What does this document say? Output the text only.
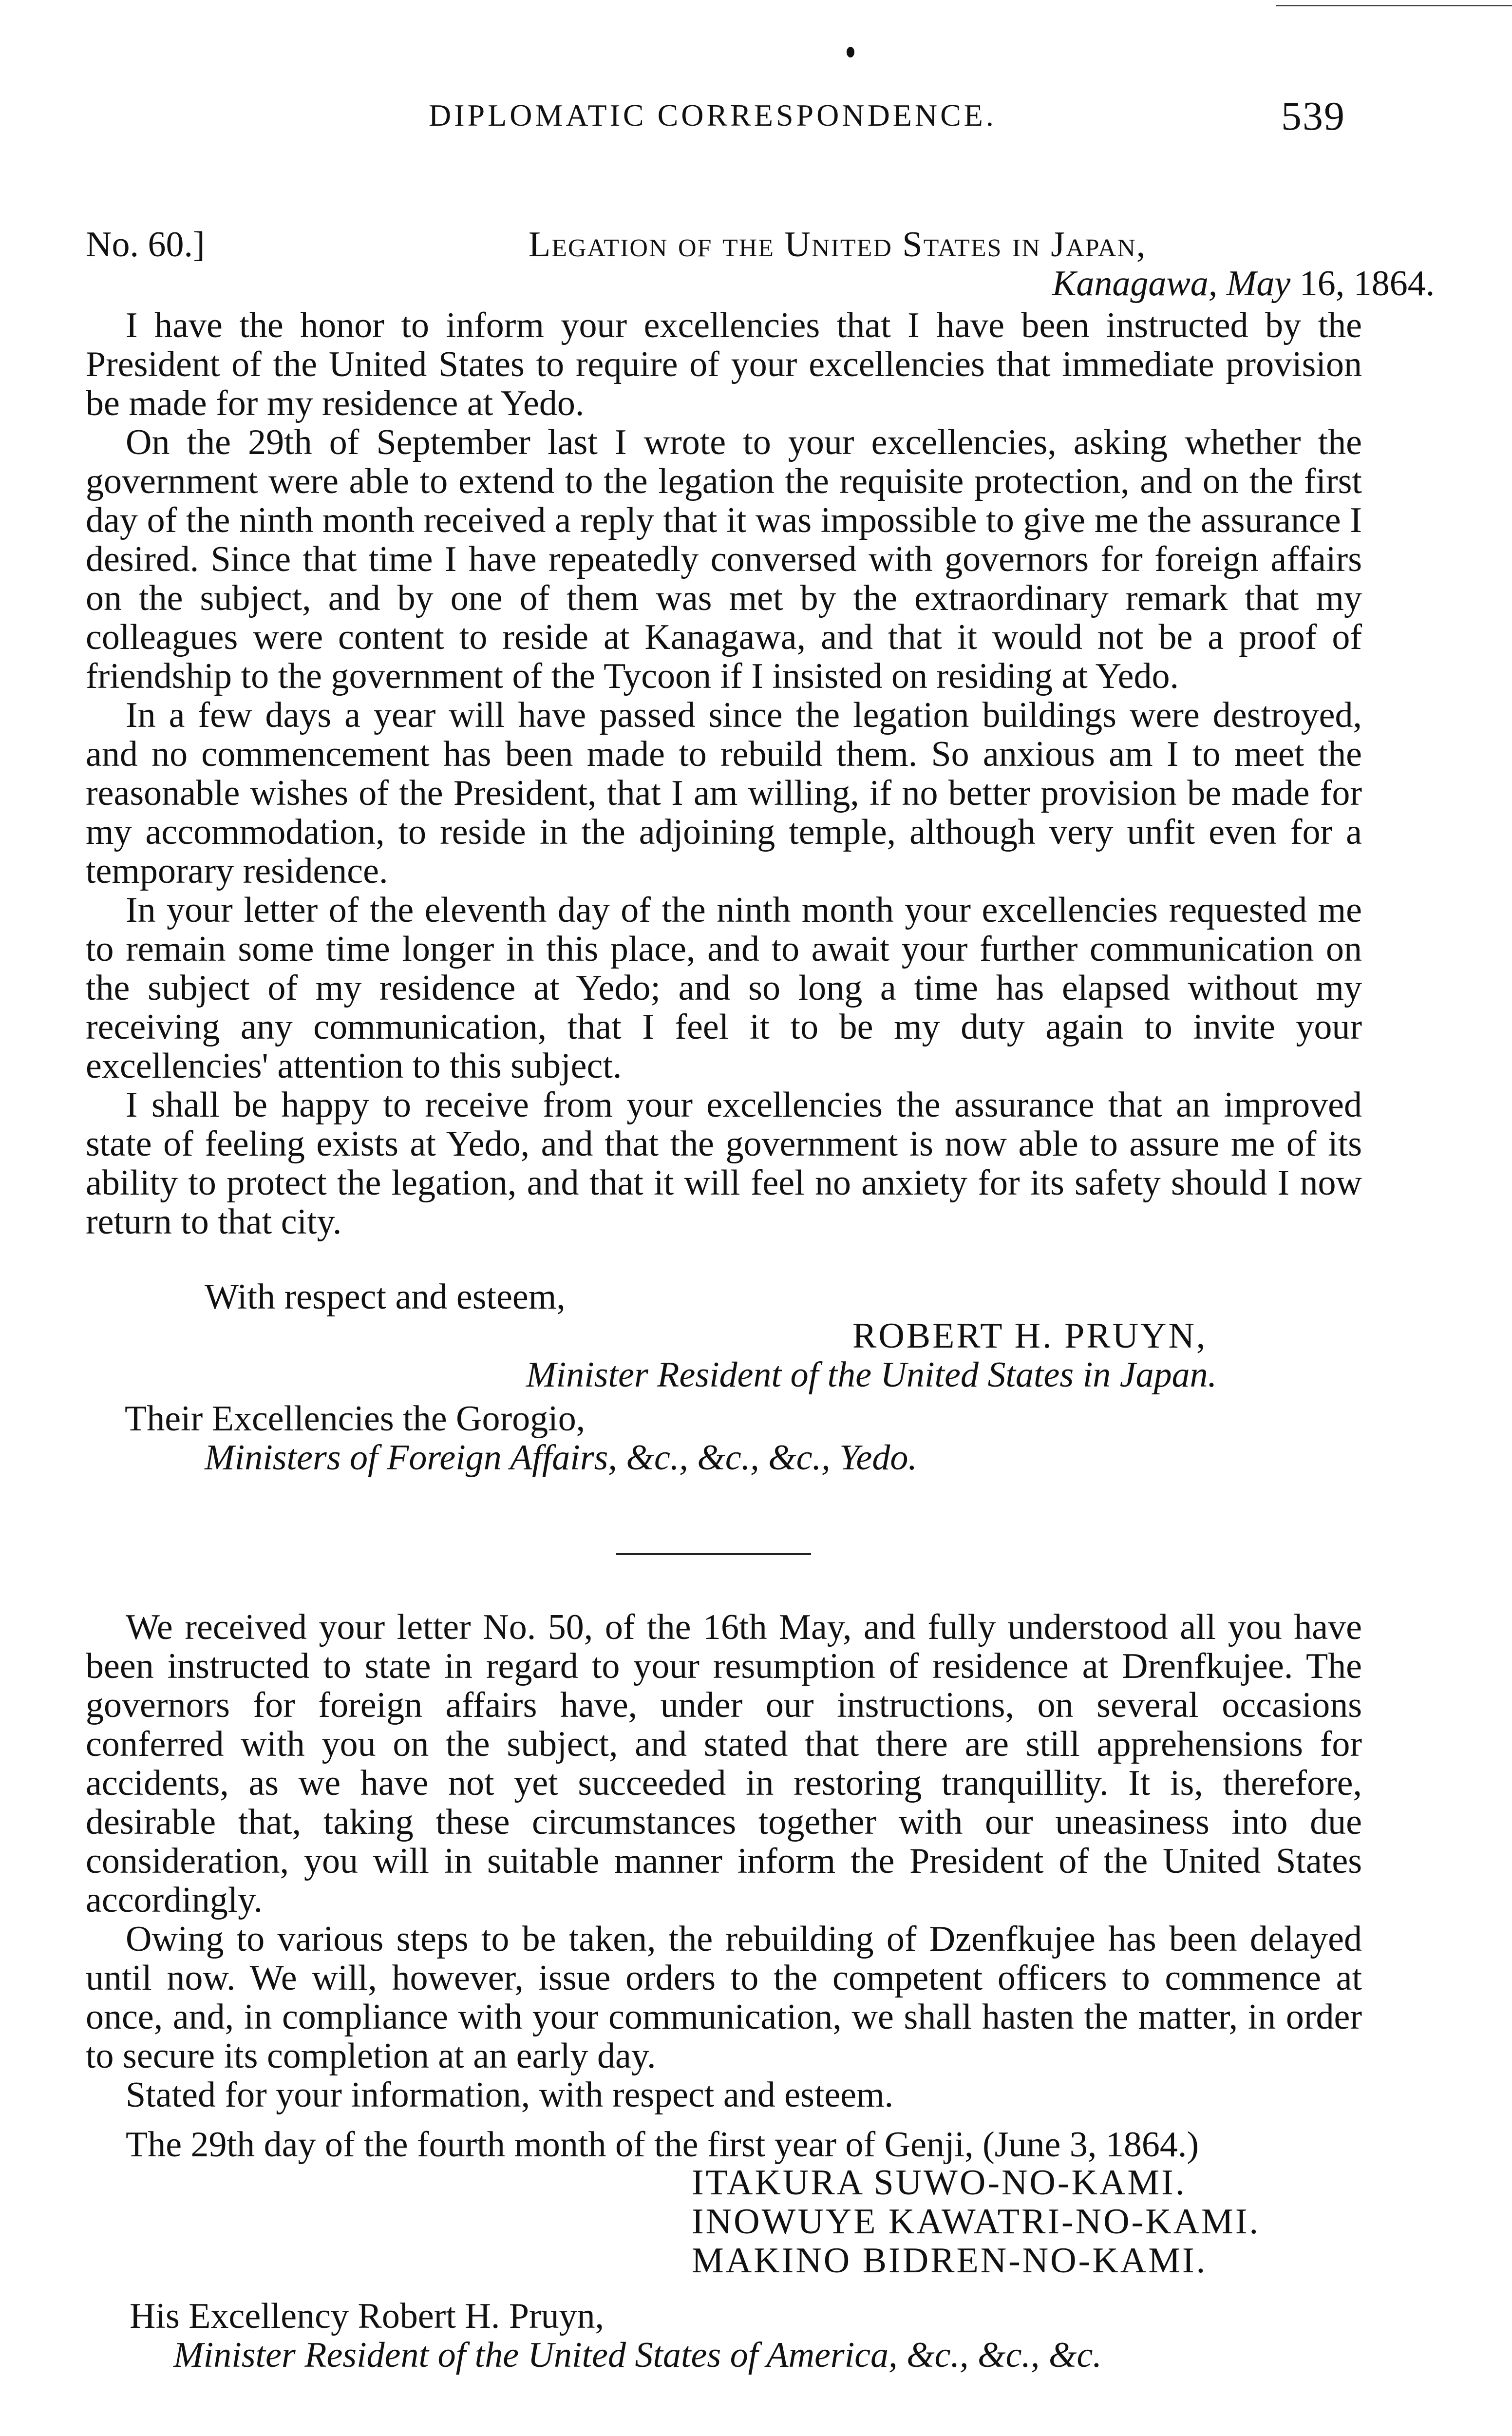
DIPLOMATIC CORRESPONDENCE.	539
No. 60.]	Legation of the United States in Japan,
Kanagawa, May 16, 1864.

I have the honor to inform your excellencies that I have been instructed by the President of the United States to require of your excellencies that immediate provision be made for my residence at Yedo.

On the 29th of September last I wrote to your excellencies, asking whether the government were able to extend to the legation the requisite protection, and on the first day of the ninth month received a reply that it was impossible to give me the assurance I desired. Since that time I have repeatedly conversed with governors for foreign affairs on the subject, and by one of them was met by the extraordinary remark that my colleagues were content to reside at Kanagawa, and that it would not be a proof of friendship to the government of the Tycoon if I insisted on residing at Yedo.

In a few days a year will have passed since the legation buildings were destroyed, and no commencement has been made to rebuild them. So anxious am I to meet the reasonable wishes of the President, that I am willing, if no better provision be made for my accommodation, to reside in the adjoining temple, although very unfit even for a temporary residence.

In your letter of the eleventh day of the ninth month your excellencies requested me to remain some time longer in this place, and to await your further communication on the subject of my residence at Yedo; and so long a time has elapsed without my receiving any communication, that I feel it to be my duty again to invite your excellencies' attention to this subject.

I shall be happy to receive from your excellencies the assurance that an improved state of feeling exists at Yedo, and that the government is now able to assure me of its ability to protect the legation, and that it will feel no anxiety for its safety should I now return to that city.

With respect and esteem,
ROBERT H. PRUYN,
Minister Resident of the United States in Japan.
Their Excellencies the Gorogio,
Ministers of Foreign Affairs, &c., &c., &c., Yedo.

We received your letter No. 50, of the 16th May, and fully understood all you have been instructed to state in regard to your resumption of residence at Drenfkujee. The governors for foreign affairs have, under our instructions, on several occasions conferred with you on the subject, and stated that there are still apprehensions for accidents, as we have not yet succeeded in restoring tranquillity. It is, therefore, desirable that, taking these circumstances together with our uneasiness into due consideration, you will in suitable manner inform the President of the United States accordingly.

Owing to various steps to be taken, the rebuilding of Dzenfkujee has been delayed until now. We will, however, issue orders to the competent officers to commence at once, and, in compliance with your communication, we shall hasten the matter, in order to secure its completion at an early day.

Stated for your information, with respect and esteem.

The 29th day of the fourth month of the first year of Genji, (June 3, 1864.)
ITAKURA SUWO-NO-KAMI.
INOWUYE KAWATRI-NO-KAMI.
MAKINO BIDREN-NO-KAMI.
His Excellency Robert H. Pruyn,
Minister Resident of the United States of America, &c., &c., &c.
